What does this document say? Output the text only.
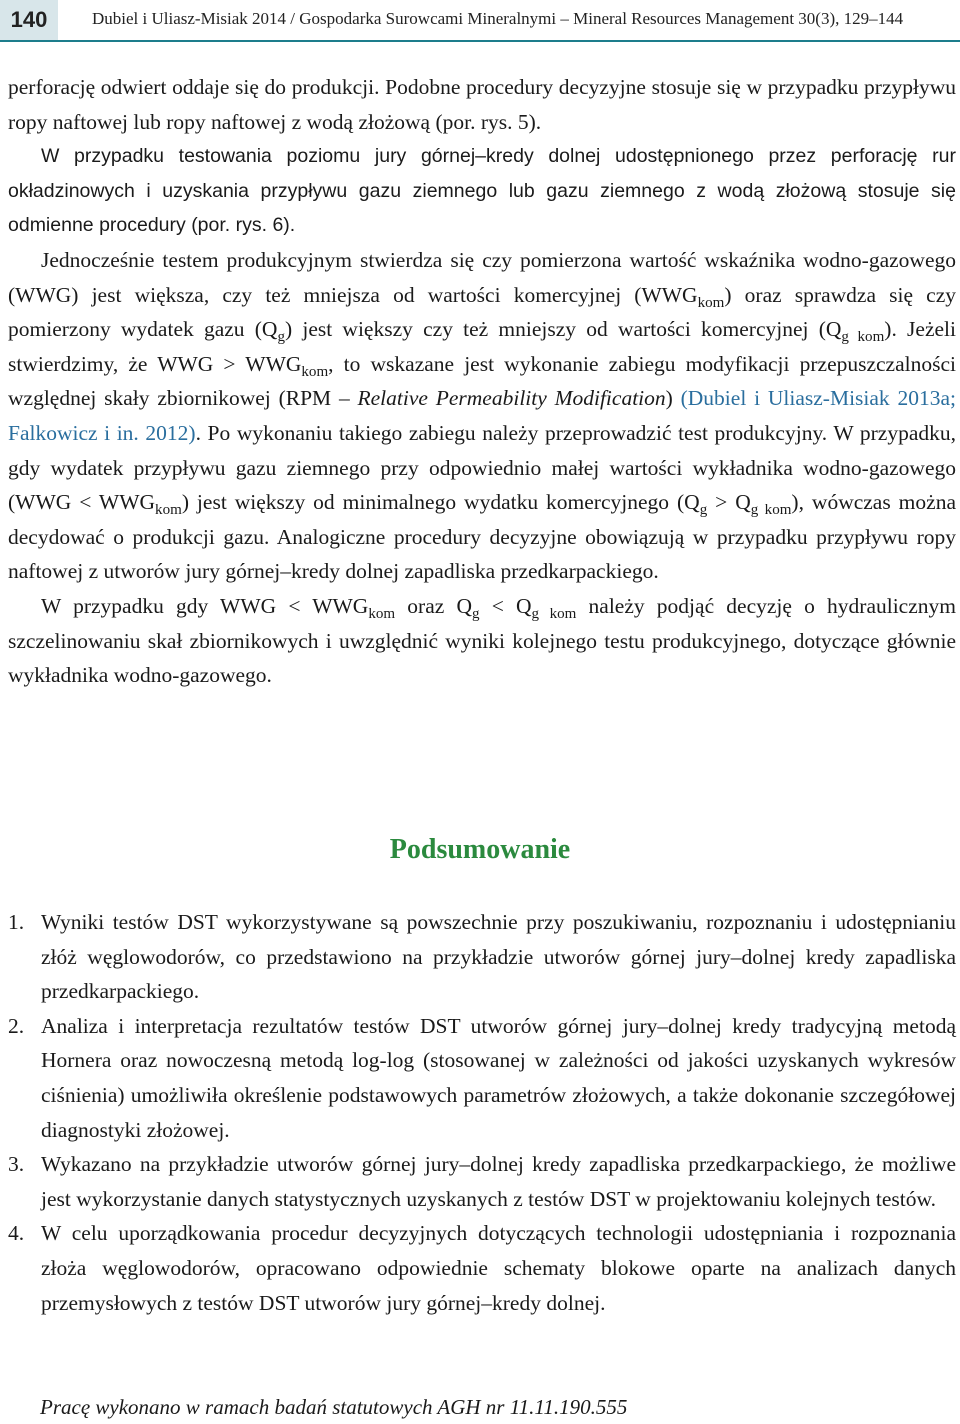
140	Dubiel i Uliasz-Misiak 2014 / Gospodarka Surowcami Mineralnymi – Mineral Resources Management 30(3), 129–144

perforację odwiert oddaje się do produkcji. Podobne procedury decyzyjne stosuje się w przypadku przypływu ropy naftowej lub ropy naftowej z wodą złożową (por. rys. 5).

W przypadku testowania poziomu jury górnej–kredy dolnej udostępnionego przez perforację rur okładzinowych i uzyskania przypływu gazu ziemnego lub gazu ziemnego z wodą złożową stosuje się odmienne procedury (por. rys. 6).

Jednocześnie testem produkcyjnym stwierdza się czy pomierzona wartość wskaźnika wodno-gazowego (WWG) jest większa, czy też mniejsza od wartości komercyjnej $(WWG_{kom})$ oraz sprawdza się czy pomierzony wydatek gazu $(Q_g)$ jest większy czy też mniejszy od wartości komercyjnej $(Q_{g kom})$. Jeżeli stwierdzimy, że WWG > $WWG_{kom}$, to wskazane jest wykonanie zabiegu modyfikacji przepuszczalności względnej skały zbiornikowej (RPM – Relative Permeability Modification) (Dubiel i Uliasz-Misiak 2013a; Falkowicz i in. 2012). Po wykonaniu takiego zabiegu należy przeprowadzić test produkcyjny. W przypadku, gdy wydatek przypływu gazu ziemnego przy odpowiednio małej wartości wykładnika wodno-gazowego $(WWG < WWG_{kom})$ jest większy od minimalnego wydatku komercyjnego $(Q_g > Q_{g kom})$, wówczas można decydować o produkcji gazu. Analogiczne procedury decyzyjne obowiązują w przypadku przypływu ropy naftowej z utworów jury górnej–kredy dolnej zapadliska przedkarpackiego.

W przypadku gdy WWG < $WWG_{kom}$ oraz $Q_g < Q_{g kom}$ należy podjąć decyzję o hydraulicznym szczelinowaniu skał zbiornikowych i uwzględnić wyniki kolejnego testu produkcyjnego, dotyczące głównie wykładnika wodno-gazowego.

Podsumowanie
1. Wyniki testów DST wykorzystywane są powszechnie przy poszukiwaniu, rozpoznaniu i udostępnianiu złóż węglowodorów, co przedstawiono na przykładzie utworów górnej jury–dolnej kredy zapadliska przedkarpackiego.
2. Analiza i interpretacja rezultatów testów DST utworów górnej jury–dolnej kredy tradycyjną metodą Hornera oraz nowoczesną metodą log-log (stosowanej w zależności od jakości uzyskanych wykresów ciśnienia) umożliwiła określenie podstawowych parametrów złożowych, a także dokonanie szczegółowej diagnostyki złożowej.
3. Wykazano na przykładzie utworów górnej jury–dolnej kredy zapadliska przedkarpackiego, że możliwe jest wykorzystanie danych statystycznych uzyskanych z testów DST w projektowaniu kolejnych testów.
4. W celu uporządkowania procedur decyzyjnych dotyczących technologii udostępniania i rozpoznania złoża węglowodorów, opracowano odpowiednie schematy blokowe oparte na analizach danych przemysłowych z testów DST utworów jury górnej–kredy dolnej.
Pracę wykonano w ramach badań statutowych AGH nr 11.11.190.555
